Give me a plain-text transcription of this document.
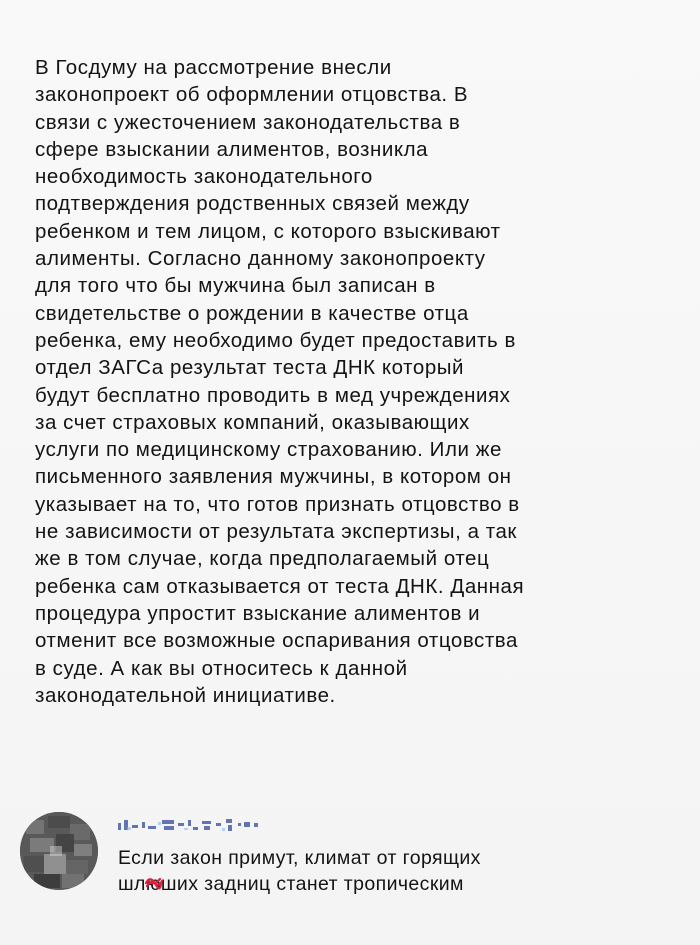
В Госдуму на рассмотрение внесли
законопроект об оформлении отцовства. В
связи с ужесточением законодательства в
сфере взыскании алиментов, возникла
необходимость законодательного
подтверждения родственных связей между
ребенком и тем лицом, с которого взыскивают
алименты. Согласно данному законопроекту
для того что бы мужчина был записан в
свидетельстве о рождении в качестве отца
ребенка, ему необходимо будет предоставить в
отдел ЗАГСа результат теста ДНК который
будут бесплатно проводить в мед учреждениях
за счет страховых компаний, оказывающих
услуги по медицинскому страхованию. Или же
письменного заявления мужчины, в котором он
указывает на то, что готов признать отцовство в
не зависимости от результата экспертизы, а так
же в том случае, когда предполагаемый отец
ребенка сам отказывается от теста ДНК. Данная
процедура упростит взыскание алиментов и
отменит все возможные оспаривания отцовства
в суде. А как вы относитесь к данной
законодательной инициативе.

Если закон примут, климат от горящих
шлю
ших задниц станет тропическим
